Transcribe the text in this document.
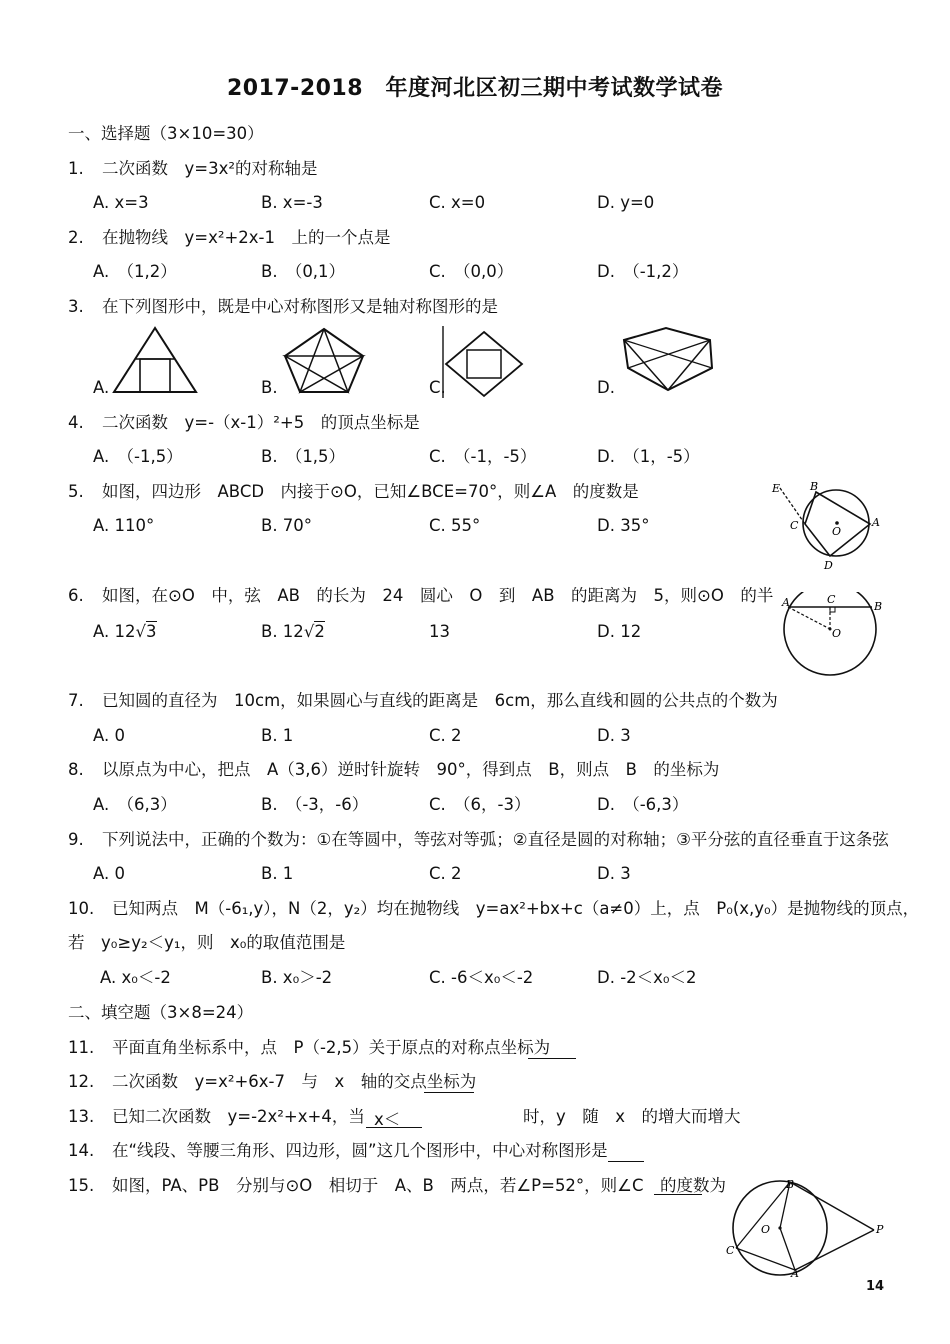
2017-2018　年度河北区初三期中考试数学试卷
一、选择题（3×10=30）
1. 二次函数　y=3x²的对称轴是
A. x=3	B. x=-3	C. x=0	D. y=0
2. 在抛物线　y=x²+2x-1　上的一个点是
A.　（1,2）	B.　（0,1）	C.　（0,0）	D.　（-1,2）
3. 在下列图形中，既是中心对称图形又是轴对称图形的是
A.	B.	C.	D.
4. 二次函数　y=-（x-1）²+5　的顶点坐标是
A.　（-1,5）	B.　（1,5）	C.　（-1，-5）	D.　（1，-5）
5. 如图，四边形　ABCD　内接于⊙O，已知∠BCE=70°，则∠A　的度数是
A. 110°	B. 70°	C. 55°	D. 35°
E	B
C	O
A
D
6. 如图，在⊙O　中，弦　AB　的长为　24　圆心　O　到　AB　的距离为　5，则⊙O　的半
A. 12√3	B. 12√2	13	D. 12
A	C
B
O
7. 已知圆的直径为　10cm，如果圆心与直线的距离是　6cm，那么直线和圆的公共点的个数为
A. 0	B. 1	C. 2	D. 3
8. 以原点为中心，把点　A（3,6）逆时针旋转　90°，得到点　B，则点　B　的坐标为
A.　（6,3）	B.　（-3，-6）	C.　（6，-3）	D.　（-6,3）
9. 下列说法中，正确的个数为：①在等圆中，等弦对等弧；②直径是圆的对称轴；③平分弦的直径垂直于这条弦
A. 0	B. 1	C. 2	D. 3
10. 已知两点　M（-6₁,y），N（2，y₂）均在抛物线　y=ax²+bx+c（a≠0）上，点　P₀(x,y₀）是抛物线的顶点，
若　y₀≥y₂＜y₁，则　x₀的取值范围是
A. x₀＜-2	B. x₀＞-2	C. -6＜x₀＜-2	D. -2＜x₀＜2
二、填空题（3×8=24）
11. 平面直角坐标系中，点　P（-2,5）关于原点的对称点坐标为
12. 二次函数　y=x²+6x-7　与　x　轴的交点坐标为
13. 已知二次函数　y=-2x²+x+4，当 x＜	时，y　随　x　的增大而增大
14. 在“线段、等腰三角形、四边形，圆”这几个图形中，中心对称图形是
15. 如图，PA、PB　分别与⊙O　相切于　A、B　两点，若∠P=52°，则∠C　的度数为	B
O
C
A
P
14
